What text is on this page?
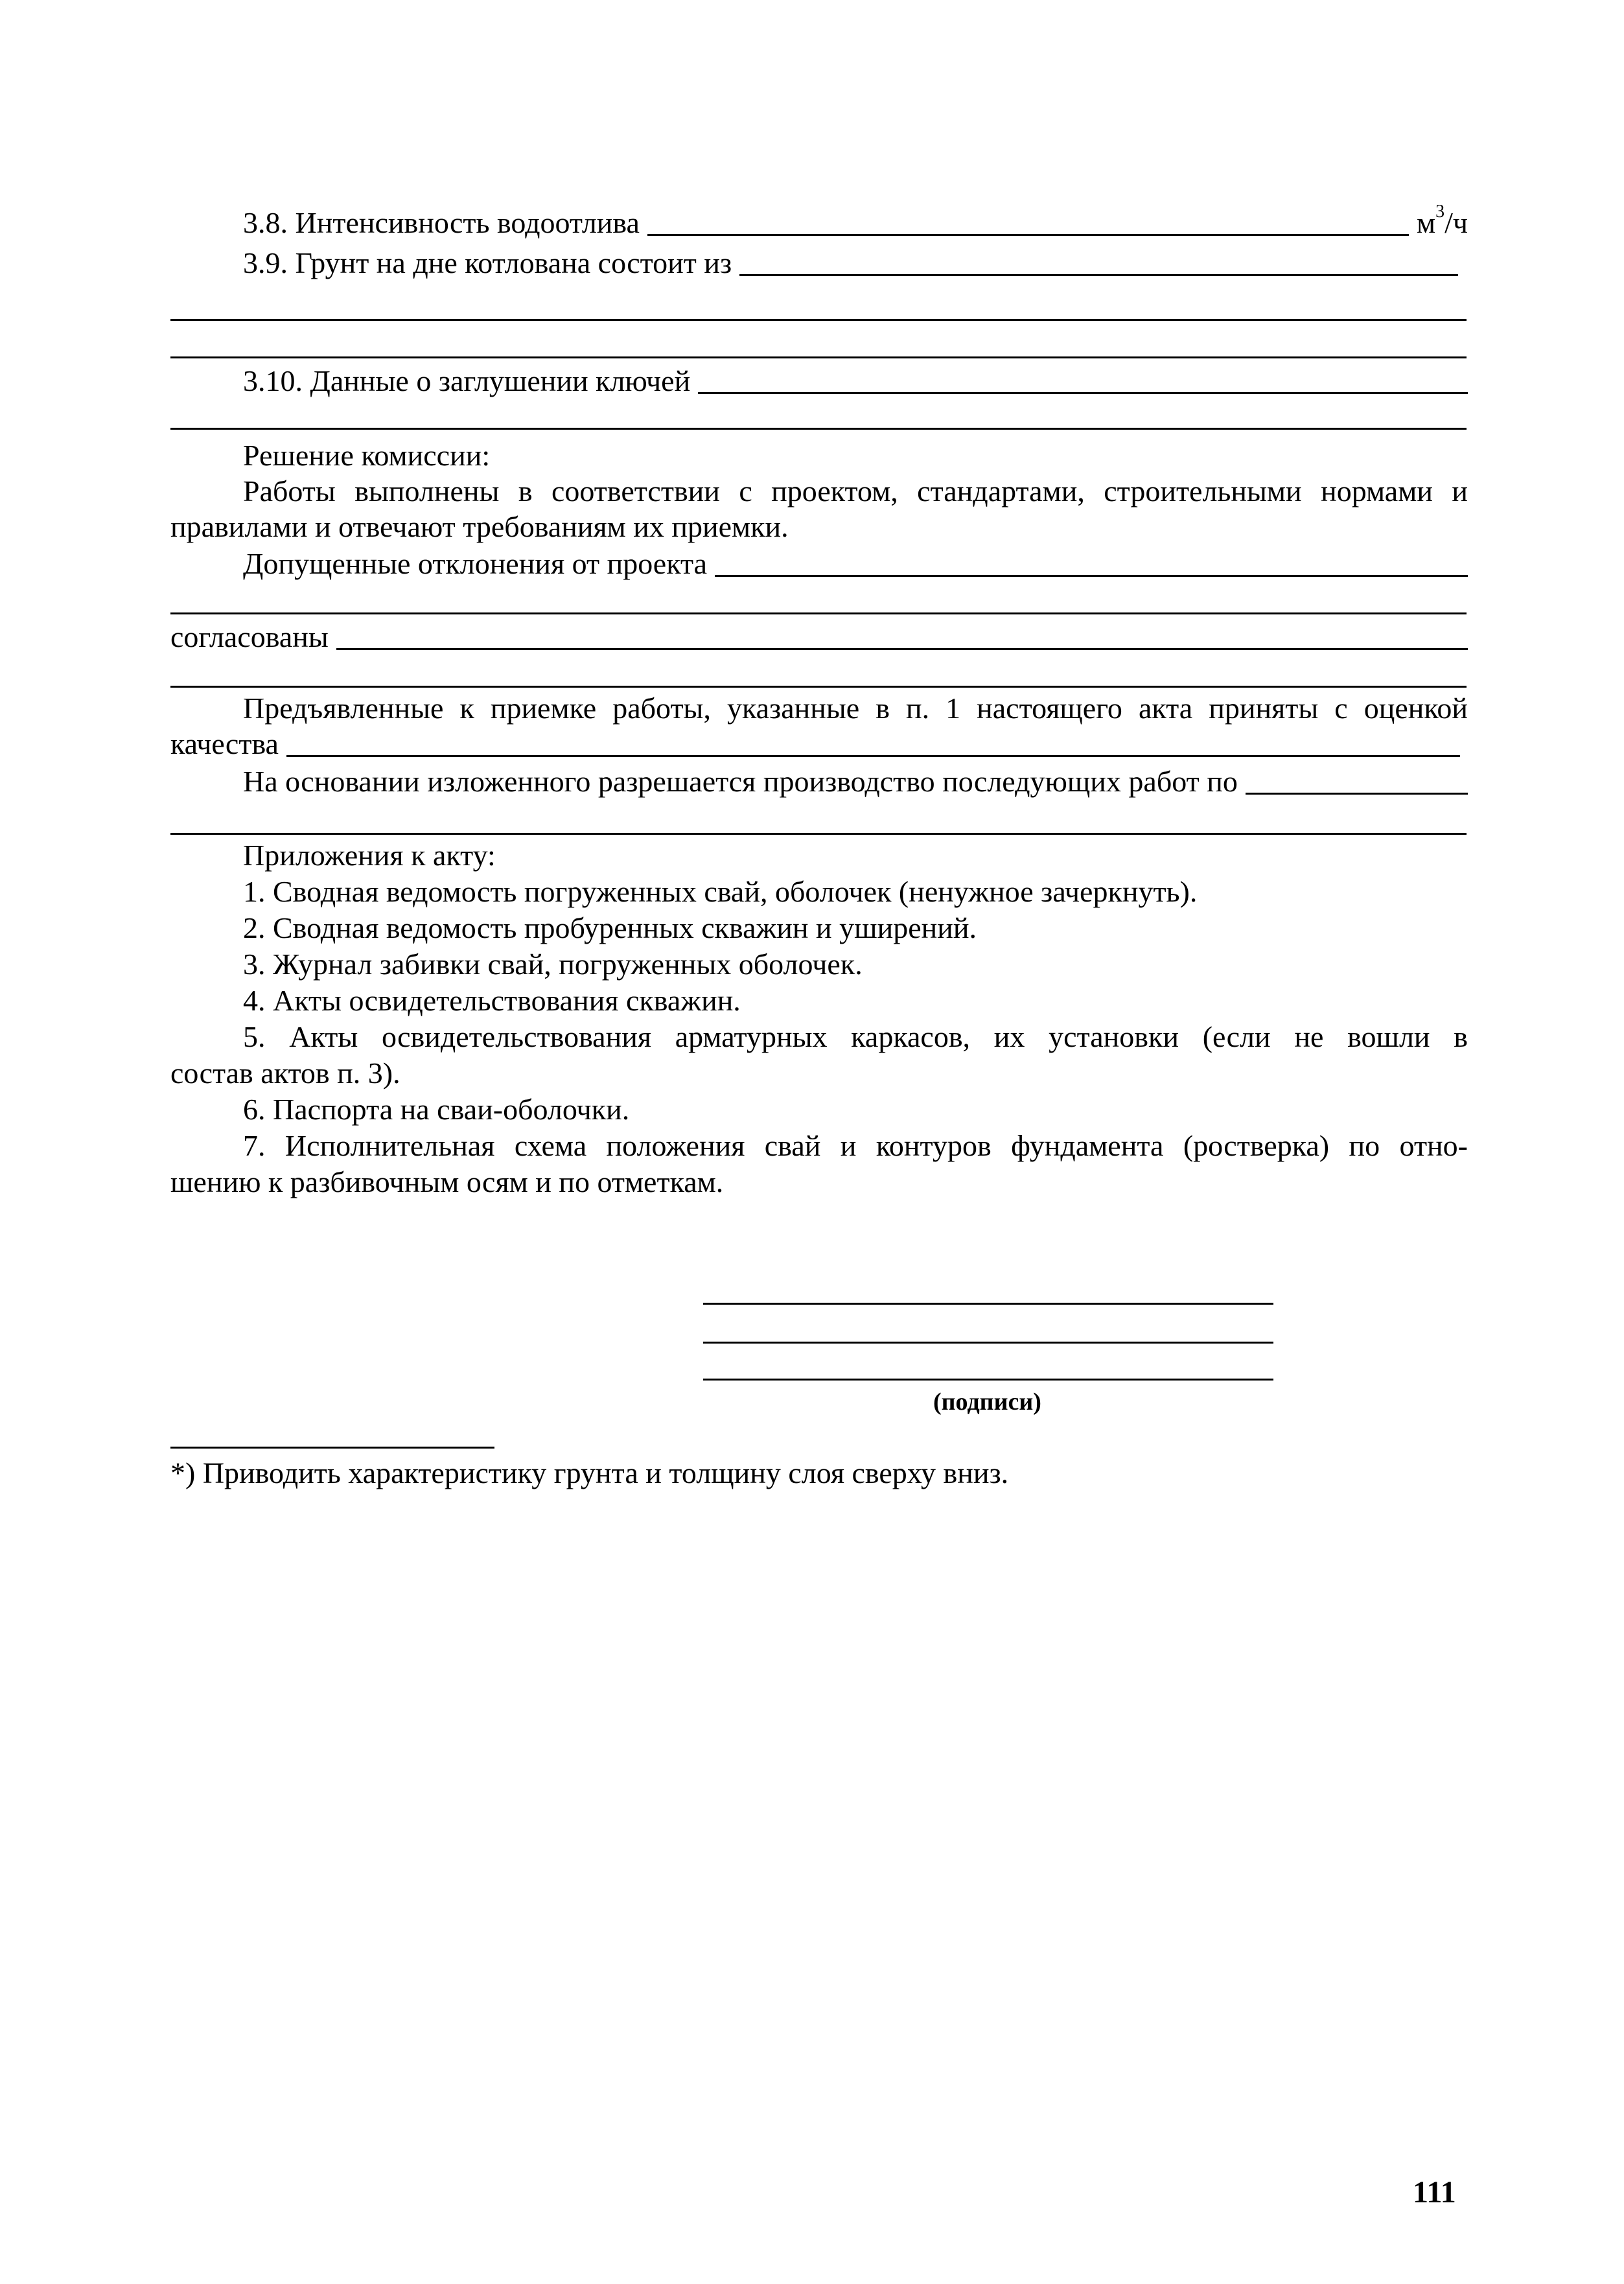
3.8. Интенсивность водоотлива	$м^3/ч$
3.9. Грунт на дне котлована состоит из
3.10. Данные о заглушении ключей
Решение комиссии:
Работы выполнены в соответствии с проектом, стандартами, строительными нормами и
правилами и отвечают требованиям их приемки.
Допущенные отклонения от проекта
согласованы
Предъявленные к приемке работы, указанные в п. 1 настоящего акта приняты с оценкой
качества
На основании изложенного разрешается производство последующих работ по
Приложения к акту:
1. Сводная ведомость погруженных свай, оболочек (ненужное зачеркнуть).
2. Сводная ведомость пробуренных скважин и уширений.
3. Журнал забивки свай, погруженных оболочек.
4. Акты освидетельствования скважин.
5. Акты освидетельствования арматурных каркасов, их установки (если не вошли в
состав актов п. 3).
6. Паспорта на сваи-оболочки.
7. Исполнительная схема положения свай и контуров фундамента (ростверка) по отно-
шению к разбивочным осям и по отметкам.
(подписи)
*) Приводить характеристику грунта и толщину слоя сверху вниз.
111
